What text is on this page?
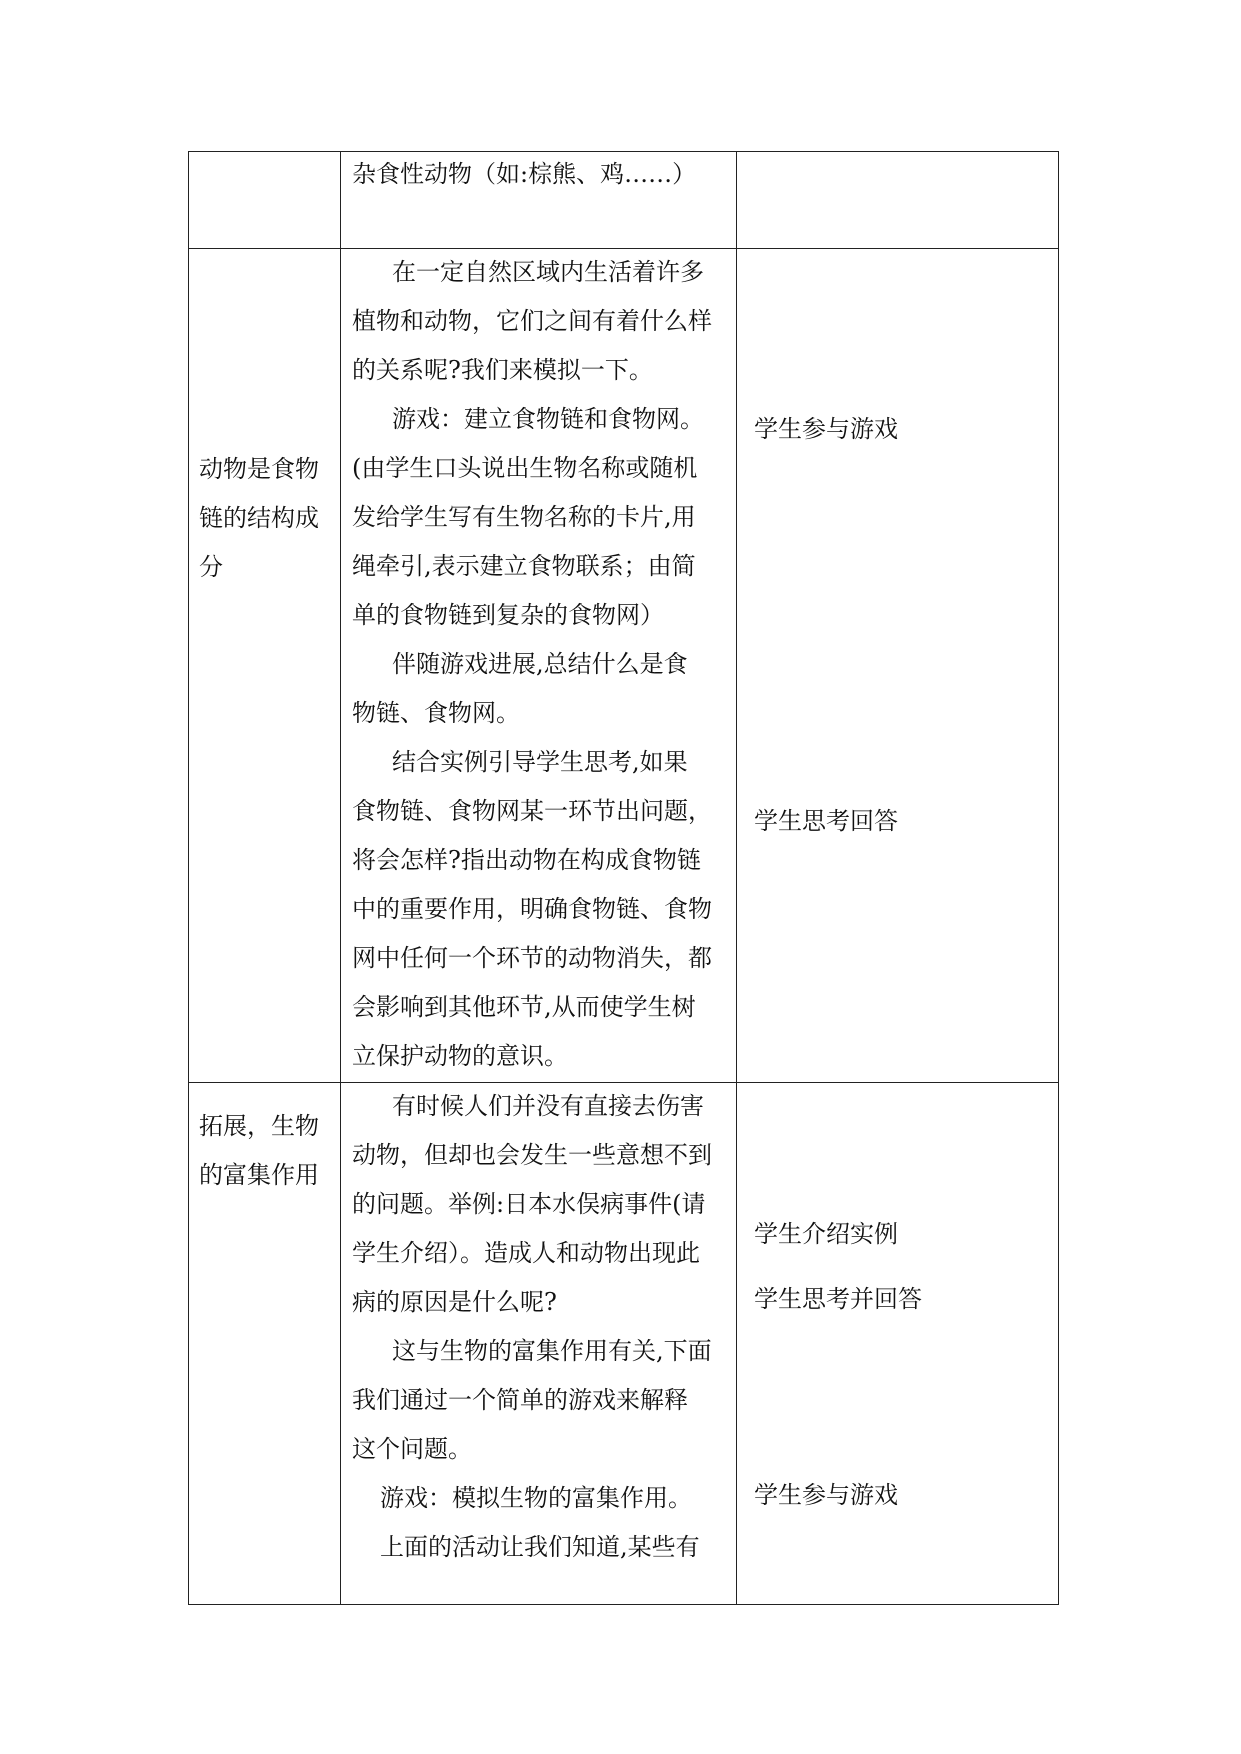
杂食性动物（如:棕熊、鸡……）
动物是食物
链的结构成
分
在一定自然区域内生活着许多
植物和动物，它们之间有着什么样
的关系呢?我们来模拟一下。
游戏：建立食物链和食物网。
(由学生口头说出生物名称或随机
发给学生写有生物名称的卡片,用
绳牵引,表示建立食物联系；由简
单的食物链到复杂的食物网）
伴随游戏进展,总结什么是食
物链、食物网。
结合实例引导学生思考,如果
食物链、食物网某一环节出问题，
将会怎样?指出动物在构成食物链
中的重要作用，明确食物链、食物
网中任何一个环节的动物消失，都
会影响到其他环节,从而使学生树
立保护动物的意识。
学生参与游戏
学生思考回答
拓展，生物
的富集作用
有时候人们并没有直接去伤害
动物，但却也会发生一些意想不到
的问题。举例:日本水俣病事件(请
学生介绍）。造成人和动物出现此
病的原因是什么呢?
这与生物的富集作用有关,下面
我们通过一个简单的游戏来解释
这个问题。
游戏：模拟生物的富集作用。
上面的活动让我们知道,某些有
学生介绍实例
学生思考并回答
学生参与游戏
